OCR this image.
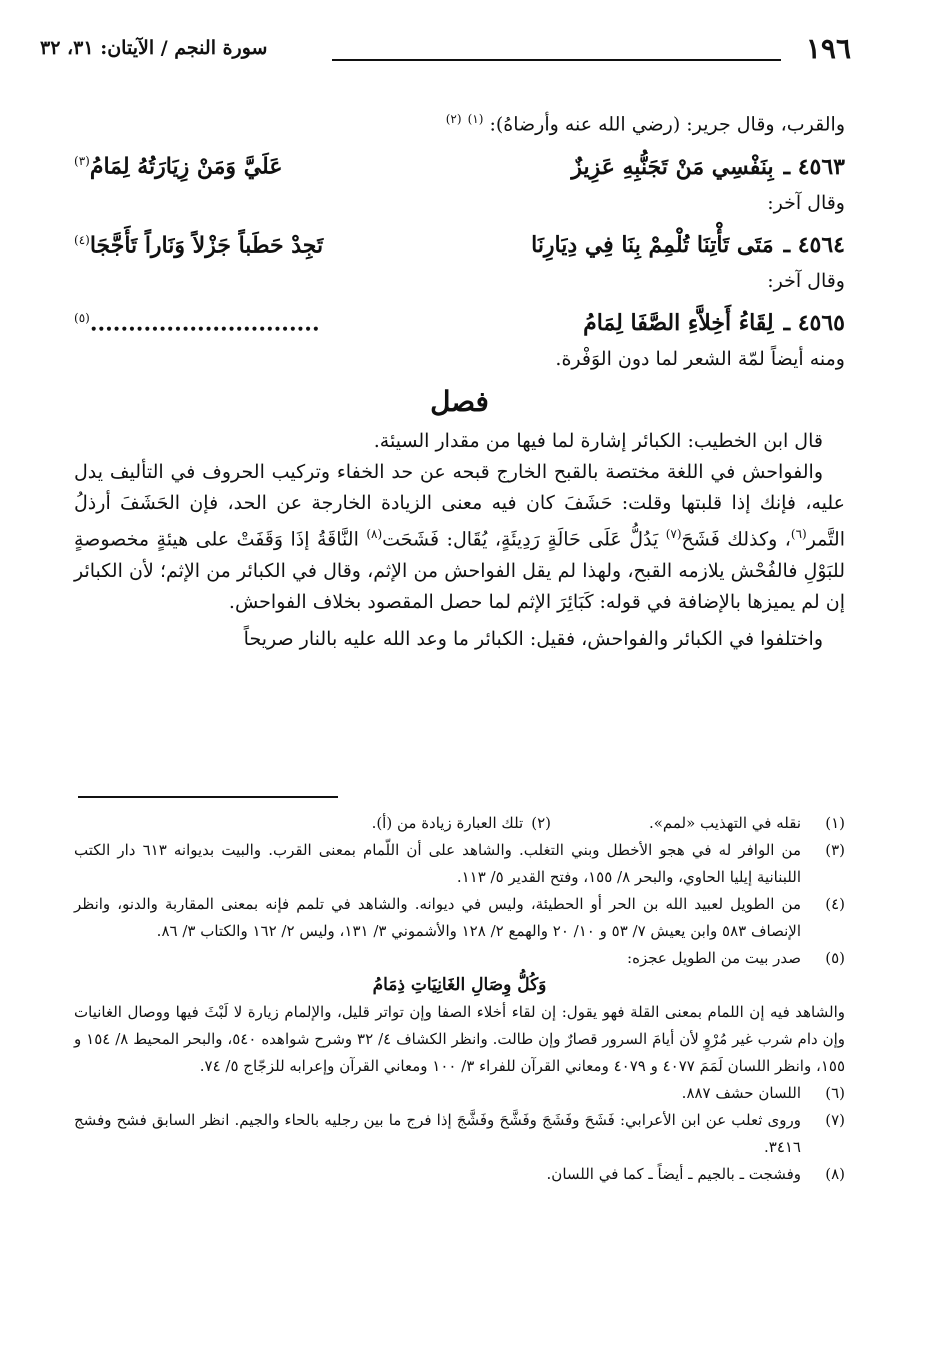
١٩٦
سورة النجم / الآيتان: ٣١، ٣٢

والقرب، وقال جرير: (رضي الله عنه وأرضاهُ): $^{(١)}$ $^{(٢)}$

٤٥٦٣ ـ
بِنَفْسِي مَنْ تَجَنُّبِهِ عَزِيزٌ
عَلَيَّ وَمَنْ زِيَارَتُهُ لِمَامُ$^{(٣)}$

وقال آخر:

٤٥٦٤ ـ
مَتَى تَأْتِنَا تُلْمِمْ بِنَا فِي دِيَارِنَا
تَجِدْ حَطَباً جَزْلاً وَنَاراً تَأَجَّجَا$^{(٤)}$

وقال آخر:

٤٥٦٥ ـ
لِقَاءُ أَخِلاَّءِ الصَّفَا لِمَامُ
..............................$^{(٥)}$

ومنه أيضاً لمّة الشعر لما دون الوَفْرة.

فصل

قال ابن الخطيب: الكبائر إشارة لما فيها من مقدار السيئة.

والفواحش في اللغة مختصة بالقبح الخارج قبحه عن حد الخفاء وتركيب الحروف في التأليف يدل عليه، فإنك إذا قلبتها وقلت: حَشَفَ كان فيه معنى الزيادة الخارجة عن الحد، فإن الحَشَفَ أرذلُ التَّمر$^{(٦)}$، وكذلك فَشَحَ$^{(٧)}$ يَدُلُّ عَلَى حَالَةٍ رَدِيئَةٍ، يُقَال: فَشَحَت$^{(٨)}$ النَّاقَةُ إذَا وَقَفَتْ على هيئةٍ مخصوصةٍ للبَوْلِ فالفُحْش يلازمه القبح، ولهذا لم يقل الفواحش من الإثم، وقال في الكبائر من الإثم؛ لأن الكبائر إن لم يميزها بالإضافة في قوله: كَبَائِرَ الإثم لما حصل المقصود بخلاف الفواحش.

واختلفوا في الكبائر والفواحش، فقيل: الكبائر ما وعد الله عليه بالنار صريحاً

(١)
نقله في التهذيب «لمم».
(٢)
تلك العبارة زيادة من (أ).
(٣)
من الوافر له في هجو الأخطل وبني التغلب. والشاهد على أن اللّمام بمعنى القرب. والبيت بديوانه ٦١٣ دار الكتب اللبنانية إيليا الحاوي، والبحر ٨/ ١٥٥، وفتح القدير ٥/ ١١٣.
(٤)
من الطويل لعبيد الله بن الحر أو الحطيئة، وليس في ديوانه. والشاهد في تلمم فإنه بمعنى المقاربة والدنو، وانظر الإنصاف ٥٨٣ وابن يعيش ٧/ ٥٣ و ١٠/ ٢٠ والهمع ٢/ ١٢٨ والأشموني ٣/ ١٣١، وليس ٢/ ١٦٢ والكتاب ٣/ ٨٦.
(٥)
صدر بيت من الطويل عجزه:
وَكُلُّ وِصَالِ الغَانِيَاتِ ذِمَامُ

والشاهد فيه إن اللمام بمعنى القلة فهو يقول: إن لقاء أخلاء الصفا وإن تواتر قليل، والإلمام زيارة لا لَبْثَ فيها ووصال الغانيات وإن دام شرب غير مُرْوٍ لأن أيامَ السرور قصارٌ وإن طالت. وانظر الكشاف ٤/ ٣٢ وشرح شواهده ٥٤٠، والبحر المحيط ٨/ ١٥٤ و ١٥٥، وانظر اللسان لَمَمَ ٤٠٧٧ و ٤٠٧٩ ومعاني القرآن للفراء ٣/ ١٠٠ ومعاني القرآن وإعرابه للزجّاج ٥/ ٧٤.

(٦)
اللسان حشف ٨٨٧.
(٧)
وروى ثعلب عن ابن الأعرابي: فَشَحَ وفَشَجَ وفَشَّحَ وفَشَّجَ إذا فرج ما بين رجليه بالحاء والجيم. انظر السابق فشح وفشج ٣٤١٦.
(٨)
وفشجت ـ بالجيم ـ أيضاً ـ كما في اللسان.
